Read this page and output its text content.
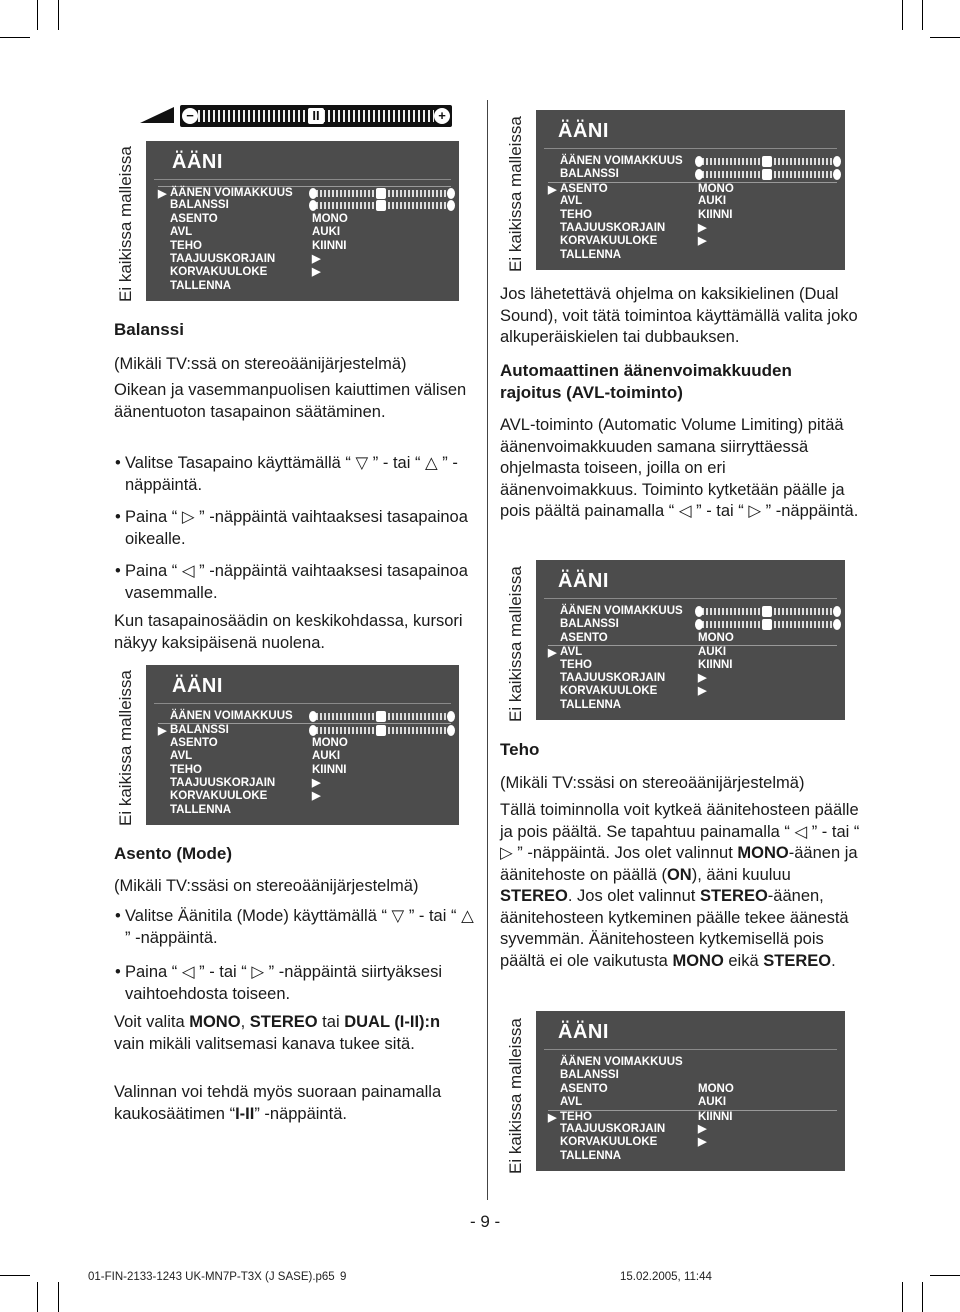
−	II	+
Ei kaikissa malleissa ÄÄNI
▶ ÄÄNEN VOIMAKKUUS
BALANSSI
ASENTO	MONO
AVL	AUKI
TEHO	KIINNI
TAAJUUSKORJAIN	▶
KORVAKUULOKE	▶
TALLENNA
Balanssi
(Mikäli TV:ssä on stereoäänijärjestelmä)
Oikean ja vasemmanpuolisen kaiuttimen välisen äänentuoton tasapainon säätäminen.
• Valitse Tasapaino käyttämällä “ ▽ ” - tai “ △ ” -näppäintä.
• Paina “ ▷ ” -näppäintä vaihtaaksesi tasapainoa oikealle.
• Paina “ ◁ ” -näppäintä vaihtaaksesi tasapainoa vasemmalle.
Kun tasapainosäädin on keskikohdassa, kursori näkyy kaksipäisenä nuolena.
Ei kaikissa malleissa ÄÄNI
ÄÄNEN VOIMAKKUUS
▶ BALANSSI
ASENTO	MONO
AVL	AUKI
TEHO	KIINNI
TAAJUUSKORJAIN	▶
KORVAKUULOKE	▶
TALLENNA
Asento (Mode)
(Mikäli TV:ssäsi on stereoäänijärjestelmä)
• Valitse Äänitila (Mode) käyttämällä “ ▽ ” - tai “ △ ” -näppäintä.
• Paina “ ◁ ” - tai “ ▷ ” -näppäintä siirtyäksesi vaihtoehdosta toiseen.
Voit valita MONO, STEREO tai DUAL (I-II):n vain mikäli valitsemasi kanava tukee sitä.
Valinnan voi tehdä myös suoraan painamalla kaukosäätimen “I-II” -näppäintä.
Ei kaikissa malleissa ÄÄNI
ÄÄNEN VOIMAKKUUS
BALANSSI
▶ ASENTO	MONO
AVL	AUKI
TEHO	KIINNI
TAAJUUSKORJAIN	▶
KORVAKUULOKE	▶
TALLENNA
Jos lähetettävä ohjelma on kaksikielinen (Dual Sound), voit tätä toimintoa käyttämällä valita joko alkuperäiskielen tai dubbauksen.
Automaattinen äänenvoimakkuuden rajoitus (AVL-toiminto)
AVL-toiminto (Automatic Volume Limiting) pitää äänenvoimakkuuden samana siirryttäessä ohjelmasta toiseen, joilla on eri äänenvoimakkuus. Toiminto kytketään päälle ja pois päältä painamalla “ ◁ ” - tai “ ▷ ” -näppäintä.
Ei kaikissa malleissa ÄÄNI
ÄÄNEN VOIMAKKUUS
BALANSSI
ASENTO	MONO
▶ AVL	AUKI
TEHO	KIINNI
TAAJUUSKORJAIN	▶
KORVAKUULOKE	▶
TALLENNA
Teho
(Mikäli TV:ssäsi on stereoäänijärjestelmä)
Tällä toiminnolla voit kytkeä äänitehosteen päälle ja pois päältä. Se tapahtuu painamalla “ ◁ ” - tai “ ▷ ” -näppäintä. Jos olet valinnut MONO-äänen ja äänitehoste on päällä (ON), ääni kuuluu STEREO. Jos olet valinnut STEREO-äänen, äänitehosteen kytkeminen päälle tekee äänestä syvemmän. Äänitehosteen kytkemisellä pois päältä ei ole vaikutusta MONO eikä STEREO.
Ei kaikissa malleissa ÄÄNI
ÄÄNEN VOIMAKKUUS
BALANSSI
ASENTO	MONO
AVL	AUKI
▶ TEHO	KIINNI
TAAJUUSKORJAIN	▶
KORVAKUULOKE	▶
TALLENNA
- 9 -
01-FIN-2133-1243 UK-MN7P-T3X (J SASE).p65 9	15.02.2005, 11:44
